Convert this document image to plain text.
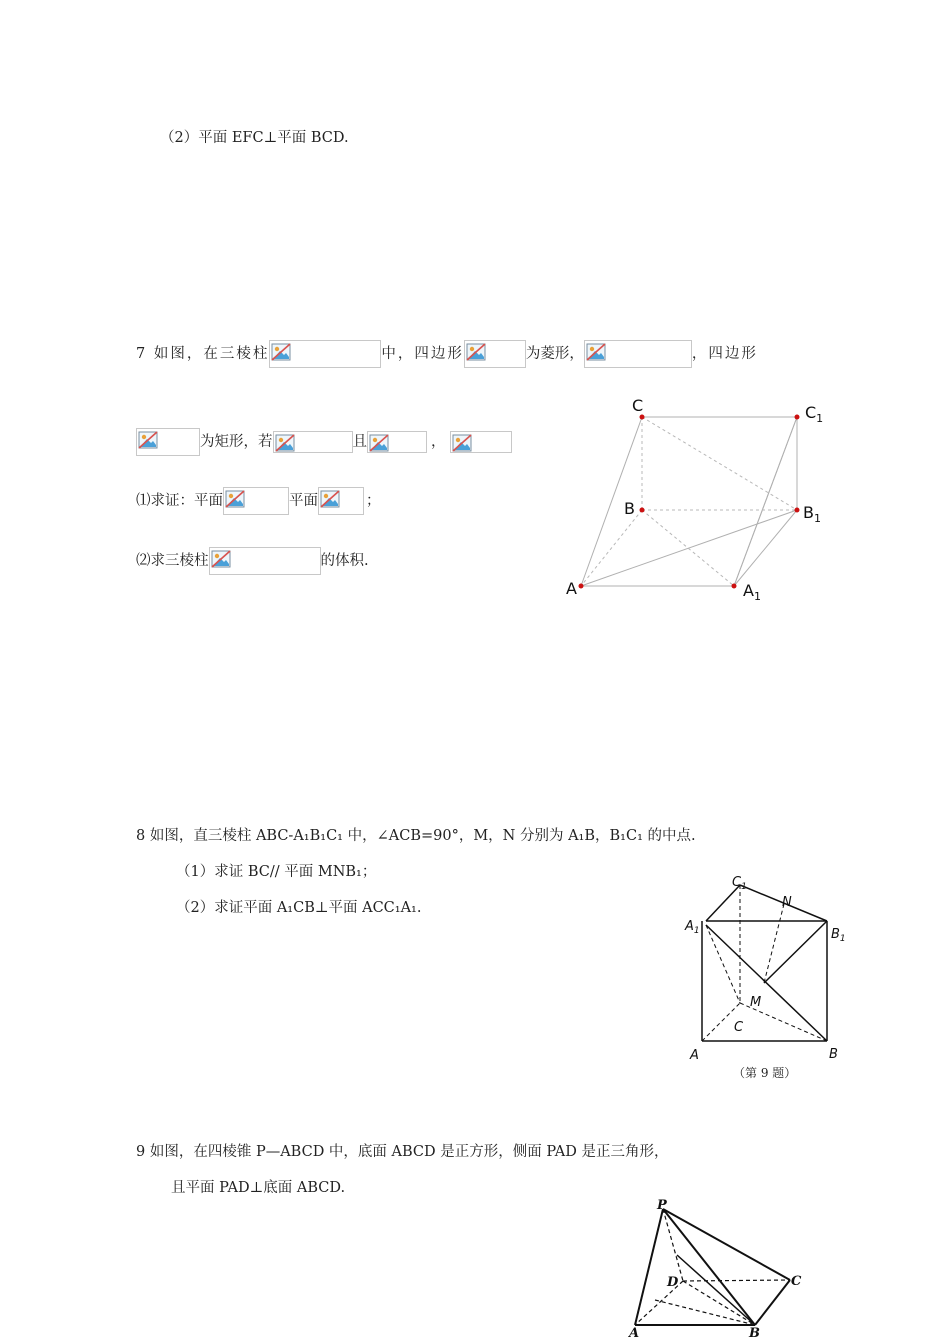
（2）平面 EFC⊥平面 BCD.
7 如图，在三棱柱	中，四边形	为菱形，	，四边形
为矩形，若	且	，
⑴求证：平面	平面	；
⑵求三棱柱	的体积.
C	$C_1$
B	$B_1$
A	$A_1$
8 如图，直三棱柱 ABC-A₁B₁C₁ 中，∠ACB=90°，M，N 分别为 A₁B，B₁C₁ 的中点.
（1）求证 BC// 平面 MNB₁；
（2）求证平面 A₁CB⊥平面 ACC₁A₁.
$C_1$
N
$A_1$	$B_1$
M
C
A	B
（第 9 题）
9 如图，在四棱锥 P—ABCD 中，底面 ABCD 是正方形，侧面 PAD 是正三角形，
且平面 PAD⊥底面 ABCD.
P
D	C
A	B
